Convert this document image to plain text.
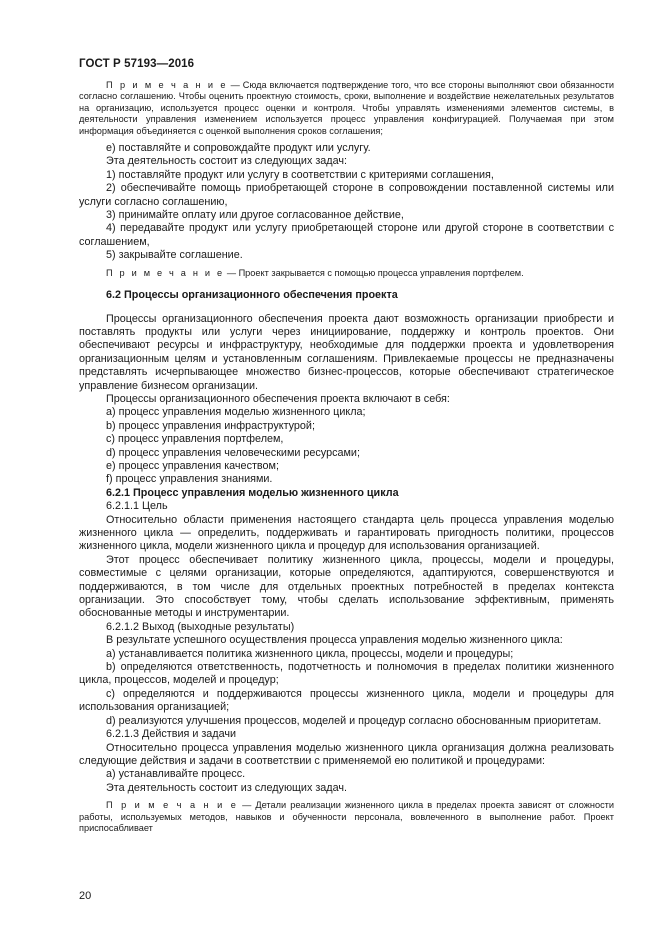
ГОСТ Р 57193—2016

П р и м е ч а н и е — Сюда включается подтверждение того, что все стороны выполняют свои обязанности согласно соглашению. Чтобы оценить проектную стоимость, сроки, выполнение и воздействие нежелательных результатов на организацию, используется процесс оценки и контроля. Чтобы управлять изменениями элементов системы, в деятельности управления изменением используется процесс управления конфигурацией. Получаемая при этом информация объединяется с оценкой выполнения сроков соглашения;

е) поставляйте и сопровождайте продукт или услугу.

Эта деятельность состоит из следующих задач:

1) поставляйте продукт или услугу в соответствии с критериями соглашения,

2) обеспечивайте помощь приобретающей стороне в сопровождении поставленной системы или услуги согласно соглашению,

3) принимайте оплату или другое согласованное действие,

4) передавайте продукт или услугу приобретающей стороне или другой стороне в соответствии с соглашением,

5) закрывайте соглашение.

П р и м е ч а н и е — Проект закрывается с помощью процесса управления портфелем.

6.2 Процессы организационного обеспечения проекта

Процессы организационного обеспечения проекта дают возможность организации приобрести и поставлять продукты или услуги через инициирование, поддержку и контроль проектов. Они обеспечивают ресурсы и инфраструктуру, необходимые для поддержки проекта и удовлетворения организационным целям и установленным соглашениям. Привлекаемые процессы не предназначены представлять исчерпывающее множество бизнес-процессов, которые обеспечивают стратегическое управление бизнесом организации.

Процессы организационного обеспечения проекта включают в себя:

a) процесс управления моделью жизненного цикла;

b) процесс управления инфраструктурой;

c) процесс управления портфелем,

d) процесс управления человеческими ресурсами;

e) процесс управления качеством;

f) процесс управления знаниями.

6.2.1 Процесс управления моделью жизненного цикла

6.2.1.1 Цель

Относительно области применения настоящего стандарта цель процесса управления моделью жизненного цикла — определить, поддерживать и гарантировать пригодность политики, процессов жизненного цикла, модели жизненного цикла и процедур для использования организацией.

Этот процесс обеспечивает политику жизненного цикла, процессы, модели и процедуры, совместимые с целями организации, которые определяются, адаптируются, совершенствуются и поддерживаются, в том числе для отдельных проектных потребностей в пределах контекста организации. Это способствует тому, чтобы сделать использование эффективным, применять обоснованные методы и инструментарии.

6.2.1.2 Выход (выходные результаты)

В результате успешного осуществления процесса управления моделью жизненного цикла:

а) устанавливается политика жизненного цикла, процессы, модели и процедуры;

b) определяются ответственность, подотчетность и полномочия в пределах политики жизненного цикла, процессов, моделей и процедур;

c) определяются и поддерживаются процессы жизненного цикла, модели и процедуры для использования организацией;

d) реализуются улучшения процессов, моделей и процедур согласно обоснованным приоритетам.

6.2.1.3 Действия и задачи

Относительно процесса управления моделью жизненного цикла организация должна реализовать следующие действия и задачи в соответствии с применяемой ею политикой и процедурами:

а) устанавливайте процесс.

Эта деятельность состоит из следующих задач.

П р и м е ч а н и е — Детали реализации жизненного цикла в пределах проекта зависят от сложности работы, используемых методов, навыков и обученности персонала, вовлеченного в выполнение работ. Проект приспосабливает

20
